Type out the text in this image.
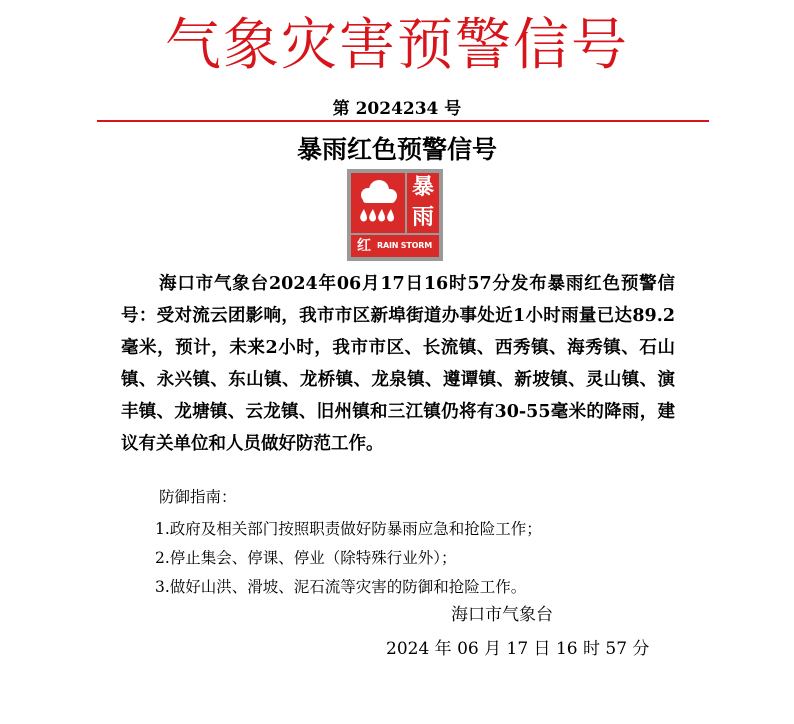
气象灾害预警信号
第 2024234 号
暴雨红色预警信号
暴
雨
红 RAIN STORM
海口市气象台2024年06月17日16时57分发布暴雨红色预警信号：受对流云团影响，我市市区新埠街道办事处近1小时雨量已达89.2毫米，预计，未来2小时，我市市区、长流镇、西秀镇、海秀镇、石山镇、永兴镇、东山镇、龙桥镇、龙泉镇、遵谭镇、新坡镇、灵山镇、演丰镇、龙塘镇、云龙镇、旧州镇和三江镇仍将有30-55毫米的降雨，建议有关单位和人员做好防范工作。
防御指南：
1.政府及相关部门按照职责做好防暴雨应急和抢险工作；
2.停止集会、停课、停业（除特殊行业外）；
3.做好山洪、滑坡、泥石流等灾害的防御和抢险工作。
海口市气象台
2024 年 06 月 17 日 16 时 57 分
